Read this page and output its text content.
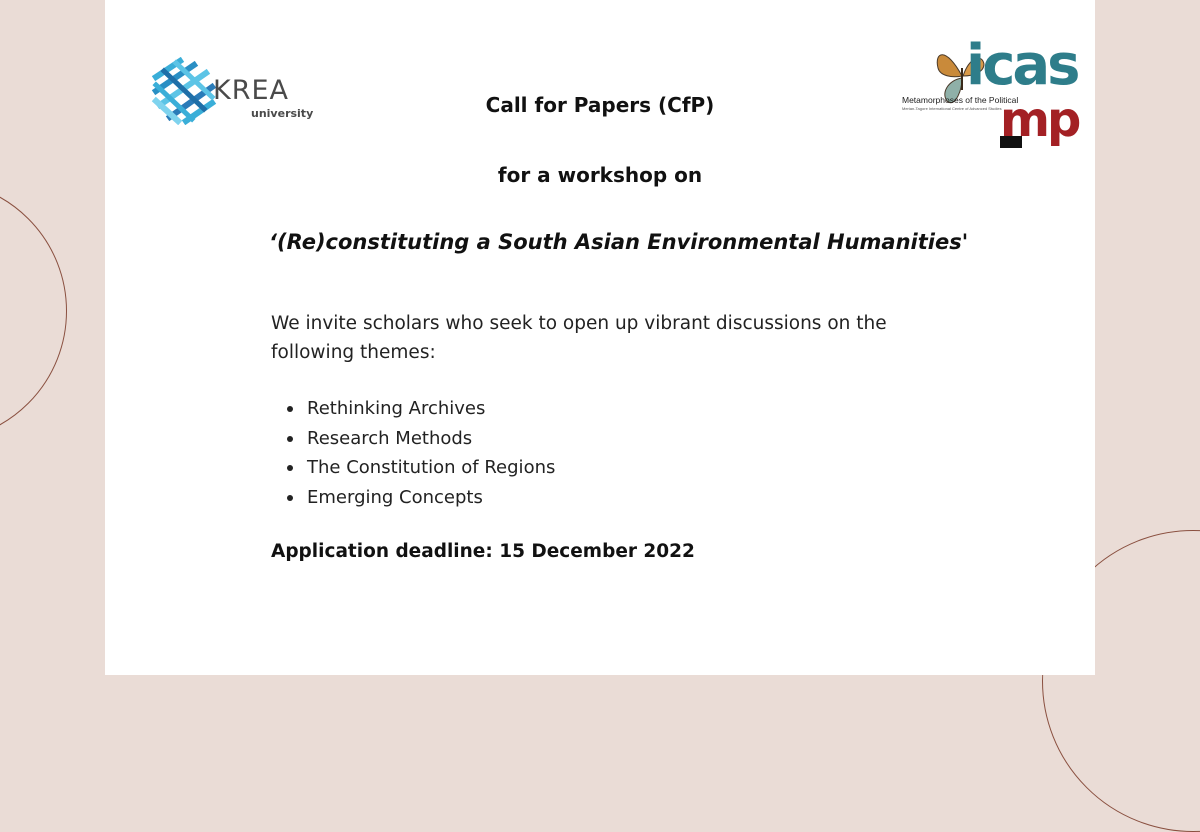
KREA
university
icas
Metamorphoses of the Political
Merian-Tagore International Centre of Advanced Studies
mp
Call for Papers (CfP)
for a workshop on
‘(Re)constituting a South Asian Environmental Humanities'
We invite scholars who seek to open up vibrant discussions on the following themes:
Rethinking Archives
Research Methods
The Constitution of Regions
Emerging Concepts
Application deadline: 15 December 2022
